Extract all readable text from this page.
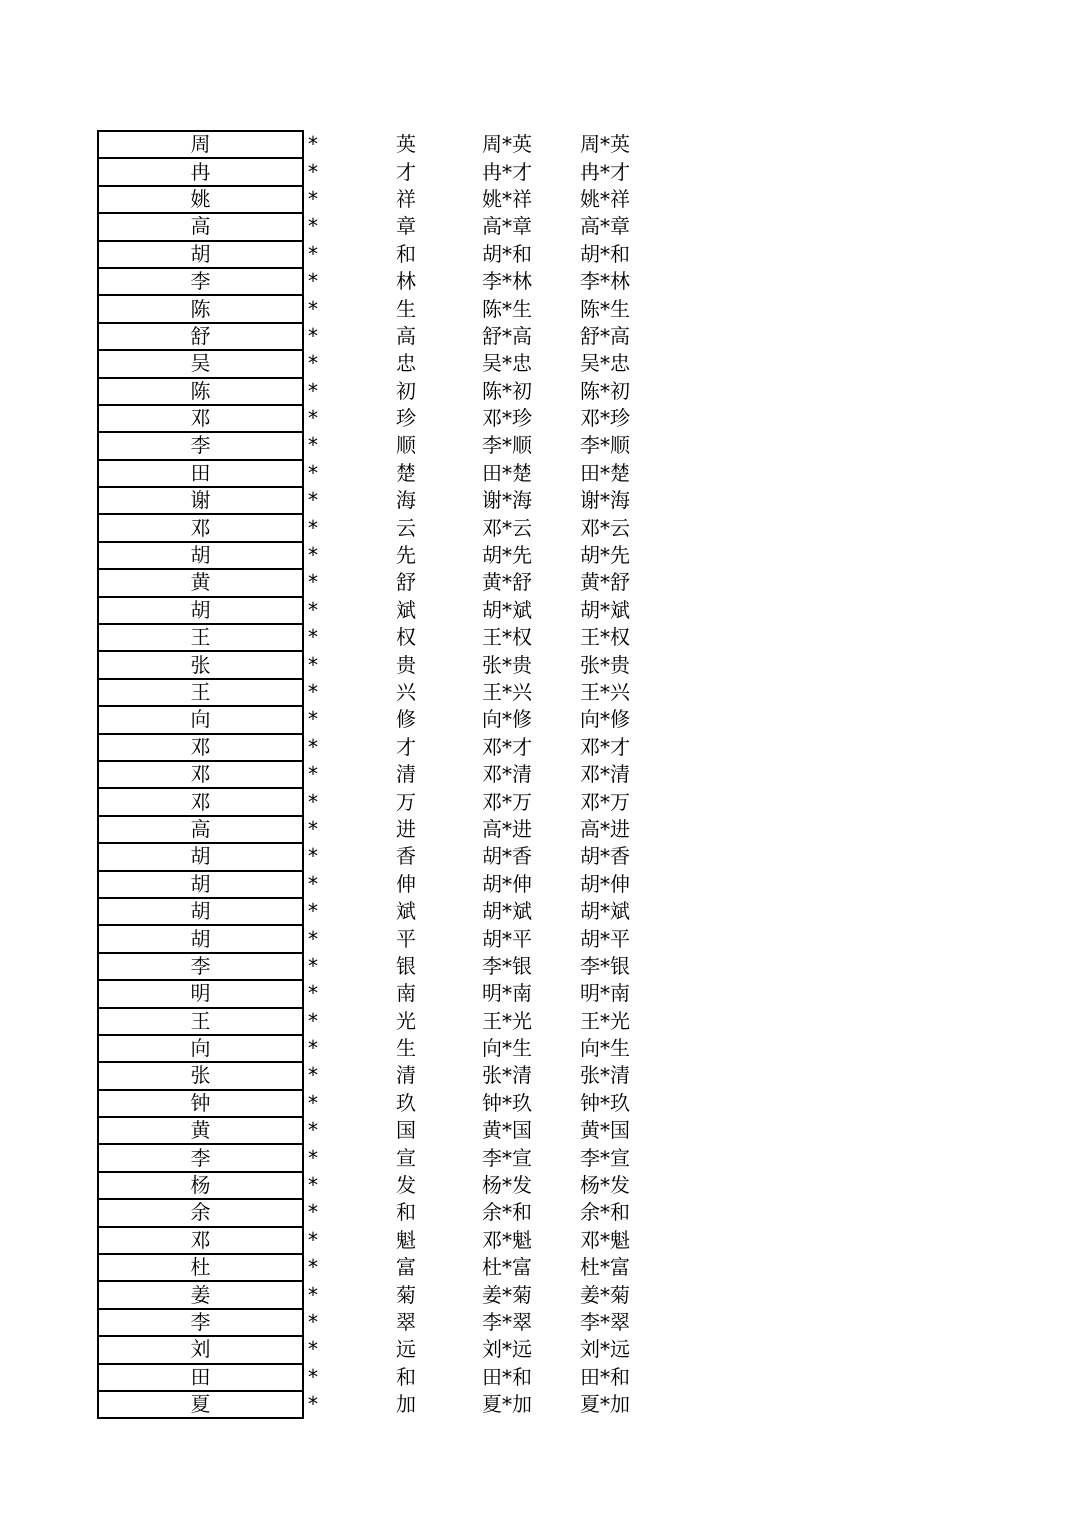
周	*	英	周*英	周*英
冉	*	才	冉*才	冉*才
姚	*	祥	姚*祥	姚*祥
高	*	章	高*章	高*章
胡	*	和	胡*和	胡*和
李	*	林	李*林	李*林
陈	*	生	陈*生	陈*生
舒	*	高	舒*高	舒*高
吴	*	忠	吴*忠	吴*忠
陈	*	初	陈*初	陈*初
邓	*	珍	邓*珍	邓*珍
李	*	顺	李*顺	李*顺
田	*	楚	田*楚	田*楚
谢	*	海	谢*海	谢*海
邓	*	云	邓*云	邓*云
胡	*	先	胡*先	胡*先
黄	*	舒	黄*舒	黄*舒
胡	*	斌	胡*斌	胡*斌
王	*	权	王*权	王*权
张	*	贵	张*贵	张*贵
王	*	兴	王*兴	王*兴
向	*	修	向*修	向*修
邓	*	才	邓*才	邓*才
邓	*	清	邓*清	邓*清
邓	*	万	邓*万	邓*万
高	*	进	高*进	高*进
胡	*	香	胡*香	胡*香
胡	*	伸	胡*伸	胡*伸
胡	*	斌	胡*斌	胡*斌
胡	*	平	胡*平	胡*平
李	*	银	李*银	李*银
明	*	南	明*南	明*南
王	*	光	王*光	王*光
向	*	生	向*生	向*生
张	*	清	张*清	张*清
钟	*	玖	钟*玖	钟*玖
黄	*	国	黄*国	黄*国
李	*	宣	李*宣	李*宣
杨	*	发	杨*发	杨*发
余	*	和	余*和	余*和
邓	*	魁	邓*魁	邓*魁
杜	*	富	杜*富	杜*富
姜	*	菊	姜*菊	姜*菊
李	*	翠	李*翠	李*翠
刘	*	远	刘*远	刘*远
田	*	和	田*和	田*和
夏	*	加	夏*加	夏*加
